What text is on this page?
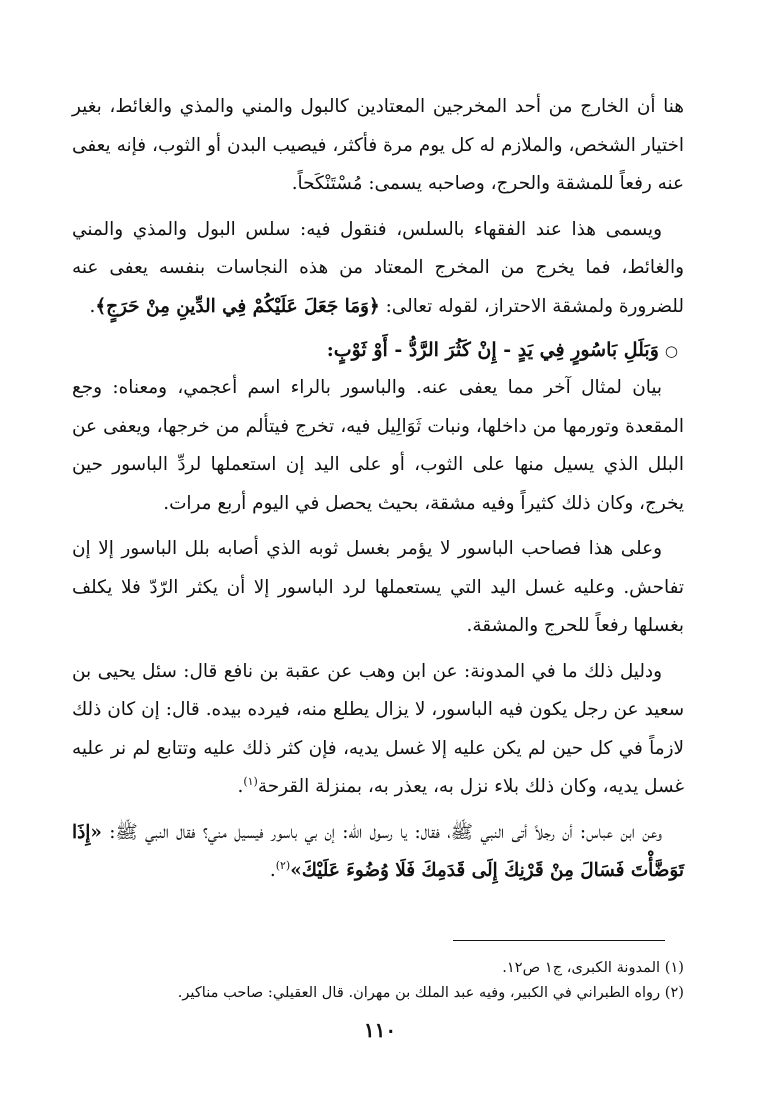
هنا أن الخارج من أحد المخرجين المعتادين كالبول والمني والمذي والغائط، بغير اختيار الشخص، والملازم له كل يوم مرة فأكثر، فيصيب البدن أو الثوب، فإنه يعفى عنه رفعاً للمشقة والحرج، وصاحبه يسمى: مُسْتَنْكَحاً.

ويسمى هذا عند الفقهاء بالسلس، فنقول فيه: سلس البول والمذي والمني والغائط، فما يخرج من المخرج المعتاد من هذه النجاسات بنفسه يعفى عنه للضرورة ولمشقة الاحتراز، لقوله تعالى: ﴿وَمَا جَعَلَ عَلَيْكُمْ فِي الدِّينِ مِنْ حَرَجٍ﴾.

○وَبَلَلِ بَاسُورٍ فِي يَدٍ - إِنْ كَثُرَ الرَّدُّ - أَوْ ثَوْبٍ:

بيان لمثال آخر مما يعفى عنه. والباسور بالراء اسم أعجمي، ومعناه: وجع المقعدة وتورمها من داخلها، ونبات ثَوَالِيل فيه، تخرج فيتألم من خرجها، ويعفى عن البلل الذي يسيل منها على الثوب، أو على اليد إن استعملها لردِّ الباسور حين يخرج، وكان ذلك كثيراً وفيه مشقة، بحيث يحصل في اليوم أربع مرات.

وعلى هذا فصاحب الباسور لا يؤمر بغسل ثوبه الذي أصابه بلل الباسور إلا إن تفاحش. وعليه غسل اليد التي يستعملها لرد الباسور إلا أن يكثر الرّدّ فلا يكلف بغسلها رفعاً للحرج والمشقة.

ودليل ذلك ما في المدونة: عن ابن وهب عن عقبة بن نافع قال: سئل يحيى بن سعيد عن رجل يكون فيه الباسور، لا يزال يطلع منه، فيرده بيده. قال: إن كان ذلك لازماً في كل حين لم يكن عليه إلا غسل يديه، فإن كثر ذلك عليه وتتابع لم نر عليه غسل يديه، وكان ذلك بلاء نزل به، يعذر به، بمنزلة القرحة$^{(١)}$.

وعن ابن عباس: أن رجلاً أتى النبي ﷺ، فقال: يا رسول الله: إن بي باسور فيسيل مني؟ فقال النبي ﷺ: «إِذَا تَوَضَّأْتَ فَسَالَ مِنْ قَرْنِكَ إِلَى قَدَمِكَ فَلَا وُضُوءَ عَلَيْكَ»$^{(٢)}$.

(١) المدونة الكبرى، ج١ ص١٢.

(٢) رواه الطبراني في الكبير، وفيه عبد الملك بن مهران. قال العقيلي: صاحب مناكير.

١١٠
